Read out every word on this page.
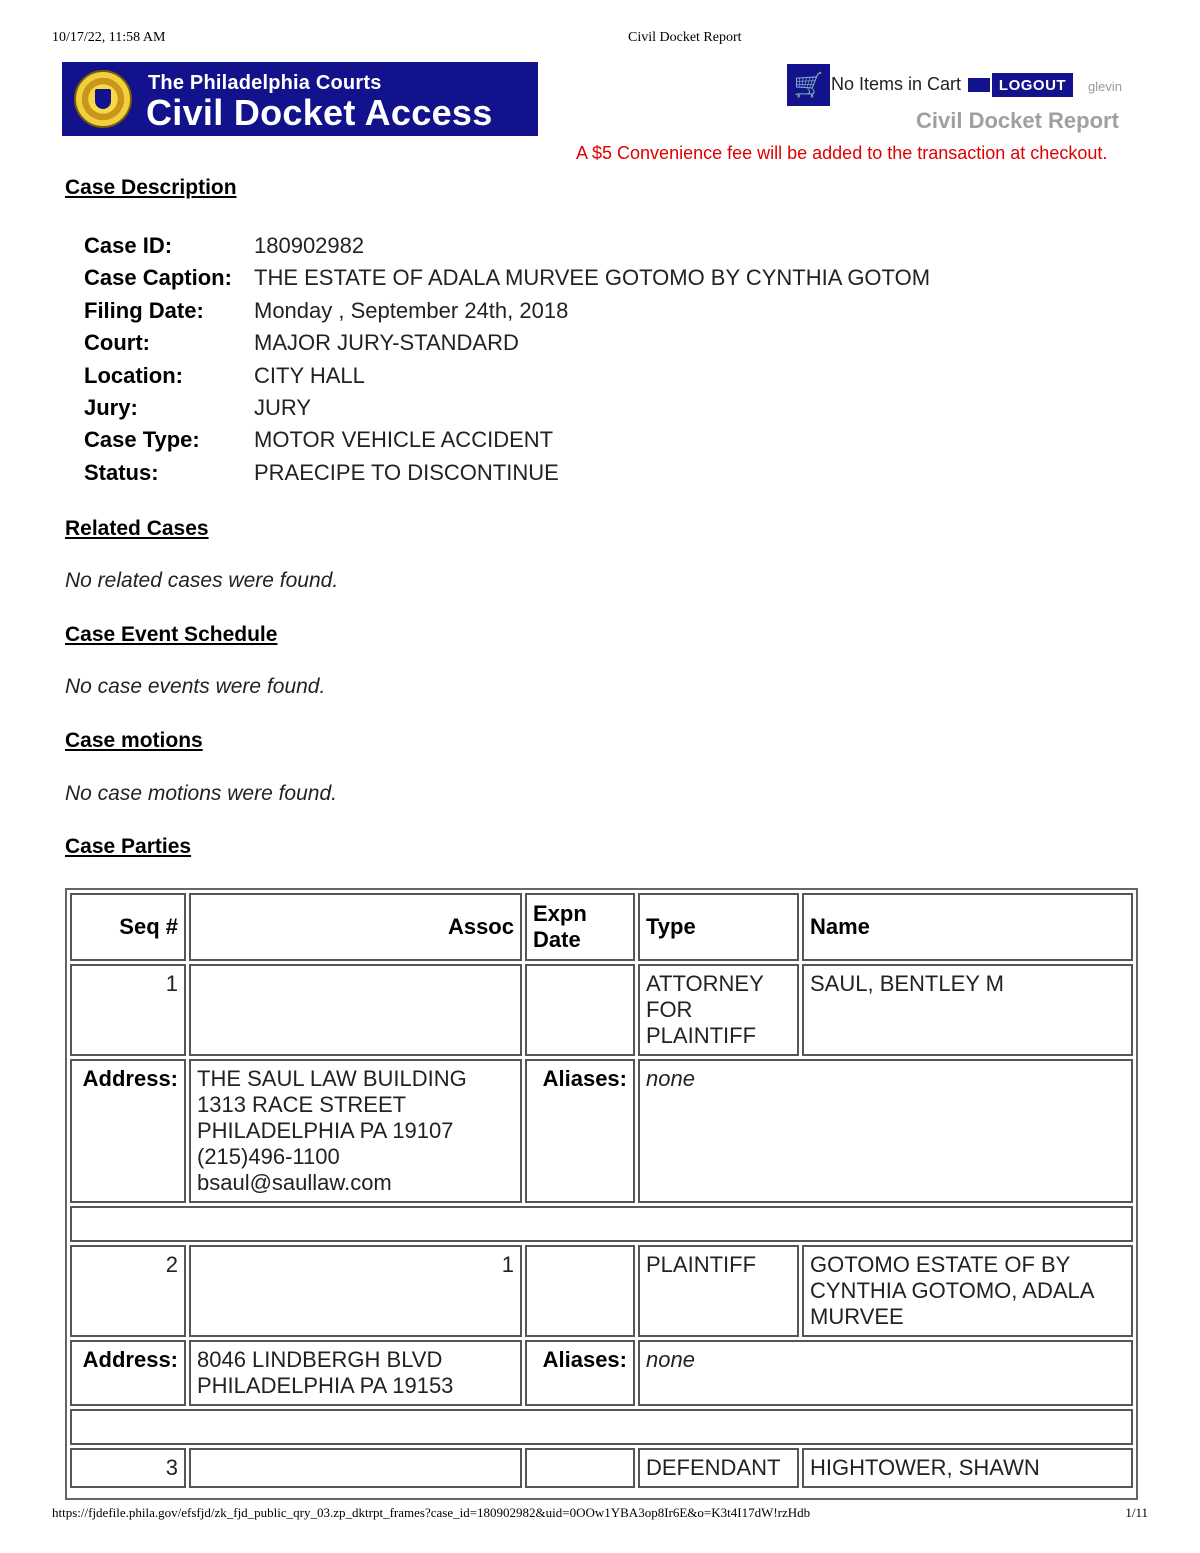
10/17/22, 11:58 AM	Civil Docket Report
The Philadelphia Courts
Civil Docket Access
🛒 No Items in Cart	LOGOUT	glevin
Civil Docket Report
A $5 Convenience fee will be added to the transaction at checkout.
Case Description
Case ID:	180902982
Case Caption: THE ESTATE OF ADALA MURVEE GOTOMO BY CYNTHIA GOTOM
Filing Date: Monday , September 24th, 2018
Court:	MAJOR JURY-STANDARD
Location:	CITY HALL
Jury:	JURY
Case Type: MOTOR VEHICLE ACCIDENT
Status:	PRAECIPE TO DISCONTINUE
Related Cases
No related cases were found.
Case Event Schedule
No case events were found.
Case motions
No case motions were found.
Case Parties
Seq #	Assoc	Expn Date	Type	Name
1			ATTORNEY FOR PLAINTIFF	SAUL, BENTLEY M
Address:	THE SAUL LAW BUILDING
1313 RACE STREET
PHILADELPHIA PA 19107
(215)496-1100
bsaul@saullaw.com	Aliases:	none	

2	1		PLAINTIFF	GOTOMO ESTATE OF BY CYNTHIA GOTOMO, ADALA MURVEE
Address:	8046 LINDBERGH BLVD
PHILADELPHIA PA 19153	Aliases:	none	

3			DEFENDANT	HIGHTOWER, SHAWN
https://fjdefile.phila.gov/efsfjd/zk_fjd_public_qry_03.zp_dktrpt_frames?case_id=180902982&uid=0OOw1YBA3op8Ir6E&o=K3t4I17dW!rzHdb	1/11
